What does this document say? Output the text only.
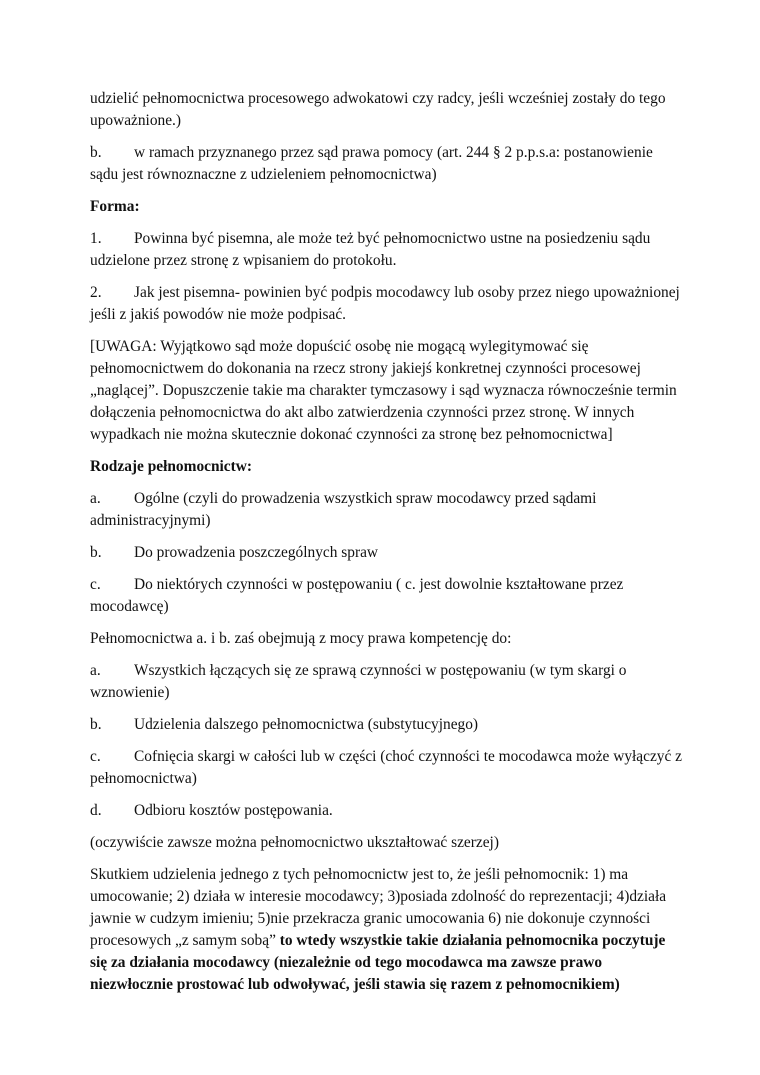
udzielić pełnomocnictwa procesowego adwokatowi czy radcy, jeśli wcześniej zostały do tego upoważnione.)

b. w ramach przyznanego przez sąd prawa pomocy (art. 244 § 2 p.p.s.a: postanowienie sądu jest równoznaczne z udzieleniem pełnomocnictwa)

Forma:

1. Powinna być pisemna, ale może też być pełnomocnictwo ustne na posiedzeniu sądu udzielone przez stronę z wpisaniem do protokołu.

2. Jak jest pisemna- powinien być podpis mocodawcy lub osoby przez niego upoważnionej jeśli z jakiś powodów nie może podpisać.

[UWAGA: Wyjątkowo sąd może dopuścić osobę nie mogącą wylegitymować się pełnomocnictwem do dokonania na rzecz strony jakiejś konkretnej czynności procesowej „naglącej”. Dopuszczenie takie ma charakter tymczasowy i sąd wyznacza równocześnie termin dołączenia pełnomocnictwa do akt albo zatwierdzenia czynności przez stronę. W innych wypadkach nie można skutecznie dokonać czynności za stronę bez pełnomocnictwa]

Rodzaje pełnomocnictw:

a. Ogólne (czyli do prowadzenia wszystkich spraw mocodawcy przed sądami administracyjnymi)

b. Do prowadzenia poszczególnych spraw

c. Do niektórych czynności w postępowaniu ( c. jest dowolnie kształtowane przez mocodawcę)

Pełnomocnictwa a. i b. zaś obejmują z mocy prawa kompetencję do:

a. Wszystkich łączących się ze sprawą czynności w postępowaniu (w tym skargi o wznowienie)

b. Udzielenia dalszego pełnomocnictwa (substytucyjnego)

c. Cofnięcia skargi w całości lub w części (choć czynności te mocodawca może wyłączyć z pełnomocnictwa)

d. Odbioru kosztów postępowania.

(oczywiście zawsze można pełnomocnictwo ukształtować szerzej)

Skutkiem udzielenia jednego z tych pełnomocnictw jest to, że jeśli pełnomocnik: 1) ma umocowanie; 2) działa w interesie mocodawcy; 3)posiada zdolność do reprezentacji; 4)działa jawnie w cudzym imieniu; 5)nie przekracza granic umocowania 6) nie dokonuje czynności procesowych „z samym sobą” to wtedy wszystkie takie działania pełnomocnika poczytuje się za działania mocodawcy (niezależnie od tego mocodawca ma zawsze prawo niezwłocznie prostować lub odwoływać, jeśli stawia się razem z pełnomocnikiem)
